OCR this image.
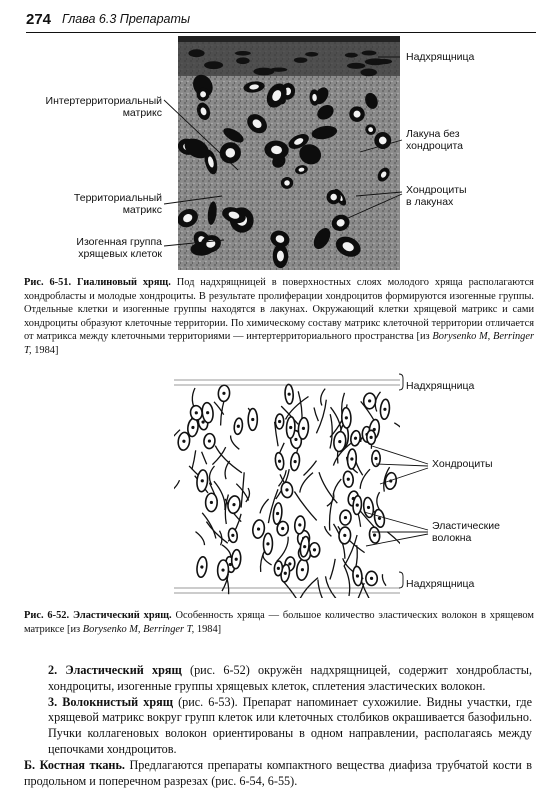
274 Глава 6.3 Препараты
Надхрящница
Интертерриториальный
матрикс
Лакуна без
хондроцита
Хондроциты
в лакунах
Территориальный
матрикс
Изогенная группа
хрящевых клеток
Рис. 6-51. Гиалиновый хрящ. Под надхрящницей в поверхностных слоях молодого хряща располагаются хондробласты и молодые хондроциты. В результате пролиферации хондроцитов формируются изогенные группы. Отдельные клетки и изогенные группы находятся в лакунах. Окружающий клетки хрящевой матрикс и сами хондроциты образуют клеточные территории. По химическому составу матрикс клеточной территории отличается от матрикса между клеточными территориями — интертерриториального пространства [из Borysenko M, Berringer T, 1984]
Надхрящница
Хондроциты
Эластические
волокна
Надхрящница
Рис. 6-52. Эластический хрящ. Особенность хряща — большое количество эластических волокон в хрящевом матриксе [из Borysenko M, Berringer T, 1984]

2. Эластический хрящ (рис. 6-52) окружён надхрящницей, содержит хондробласты, хондроциты, изогенные группы хрящевых клеток, сплетения эластических волокон.

3. Волокнистый хрящ (рис. 6-53). Препарат напоминает сухожилие. Видны участки, где хрящевой матрикс вокруг групп клеток или клеточных столбиков окрашивается базофильно. Пучки коллагеновых волокон ориентированы в одном направлении, располагаясь между цепочками хондроцитов.

Б. Костная ткань. Предлагаются препараты компактного вещества диафиза трубчатой кости в продольном и поперечном разрезах (рис. 6-54, 6-55).
